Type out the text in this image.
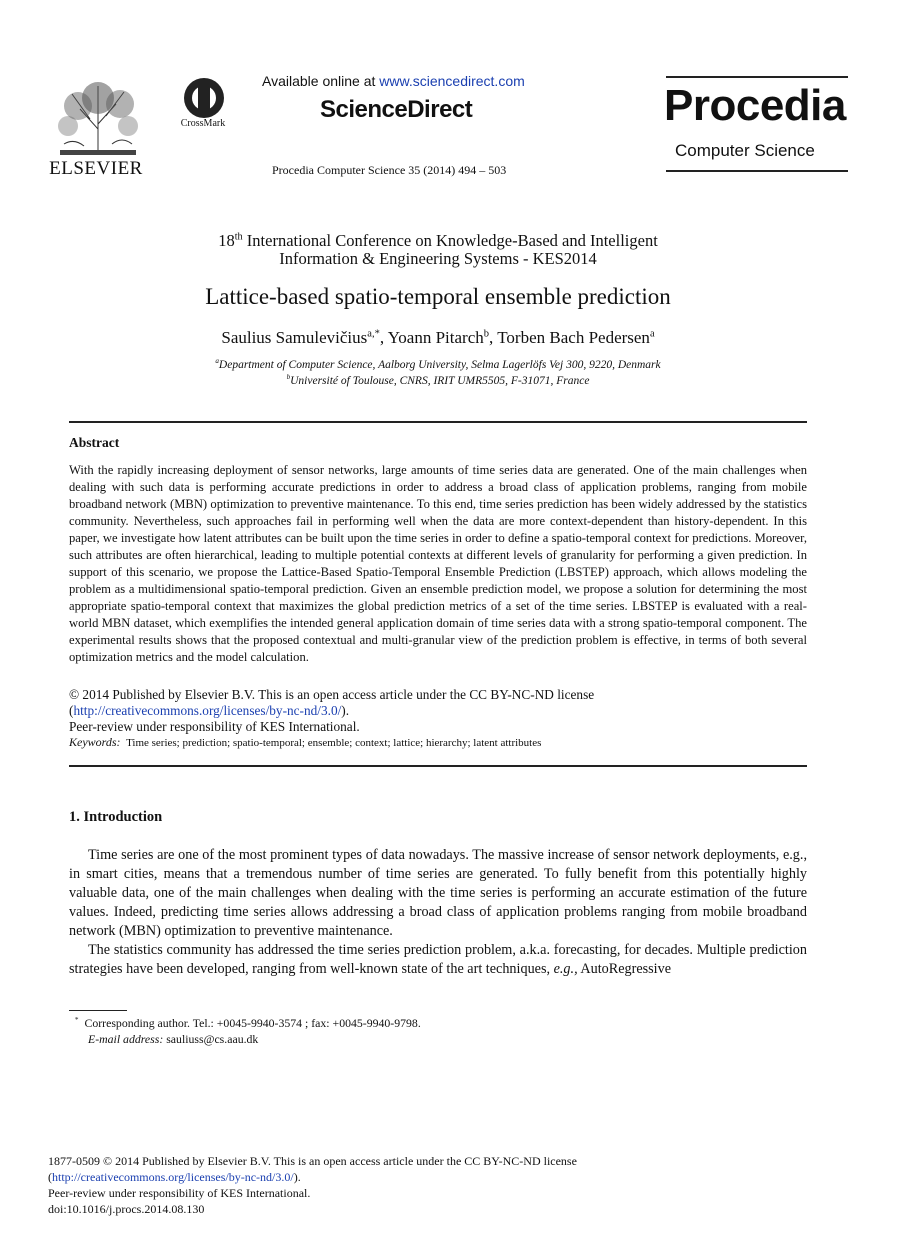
ELSEVIER
CrossMark
Available online at www.sciencedirect.com
ScienceDirect
Procedia Computer Science 35 (2014) 494 – 503
Procedia
Computer Science
18th International Conference on Knowledge-Based and Intelligent
Information & Engineering Systems - KES2014
Lattice-based spatio-temporal ensemble prediction
Saulius Samulevičius$^{a,*}$, Yoann Pitarch$^b$, Torben Bach Pedersen$^a$
$^a$Department of Computer Science, Aalborg University, Selma Lagerlöfs Vej 300, 9220, Denmark
$^b$Université of Toulouse, CNRS, IRIT UMR5505, F-31071, France
Abstract
With the rapidly increasing deployment of sensor networks, large amounts of time series data are generated. One of the main challenges when dealing with such data is performing accurate predictions in order to address a broad class of application problems, ranging from mobile broadband network (MBN) optimization to preventive maintenance. To this end, time series prediction has been widely addressed by the statistics community. Nevertheless, such approaches fail in performing well when the data are more context-dependent than history-dependent. In this paper, we investigate how latent attributes can be built upon the time series in order to define a spatio-temporal context for predictions. Moreover, such attributes are often hierarchical, leading to multiple potential contexts at different levels of granularity for performing a given prediction. In support of this scenario, we propose the Lattice-Based Spatio-Temporal Ensemble Prediction (LBSTEP) approach, which allows modeling the problem as a multidimensional spatio-temporal prediction. Given an ensemble prediction model, we propose a solution for determining the most appropriate spatio-temporal context that maximizes the global prediction metrics of a set of the time series. LBSTEP is evaluated with a real-world MBN dataset, which exemplifies the intended general application domain of time series data with a strong spatio-temporal component. The experimental results shows that the proposed contextual and multi-granular view of the prediction problem is effective, in terms of both several optimization metrics and the model calculation.
© 2014 Published by Elsevier B.V. This is an open access article under the CC BY-NC-ND license
(http://creativecommons.org/licenses/by-nc-nd/3.0/).
Peer-review under responsibility of KES International.
Keywords: Time series; prediction; spatio-temporal; ensemble; context; lattice; hierarchy; latent attributes
1. Introduction

Time series are one of the most prominent types of data nowadays. The massive increase of sensor network deployments, e.g., in smart cities, means that a tremendous number of time series are generated. To fully benefit from this potentially highly valuable data, one of the main challenges when dealing with the time series is performing an accurate estimation of the future values. Indeed, predicting time series allows addressing a broad class of application problems ranging from mobile broadband network (MBN) optimization to preventive maintenance.

The statistics community has addressed the time series prediction problem, a.k.a. forecasting, for decades. Multiple prediction strategies have been developed, ranging from well-known state of the art techniques, e.g., AutoRegressive

* Corresponding author. Tel.: +0045-9940-3574 ; fax: +0045-9940-9798.
E-mail address: sauliuss@cs.aau.dk
1877-0509 © 2014 Published by Elsevier B.V. This is an open access article under the CC BY-NC-ND license
(http://creativecommons.org/licenses/by-nc-nd/3.0/).
Peer-review under responsibility of KES International.
doi:10.1016/j.procs.2014.08.130
